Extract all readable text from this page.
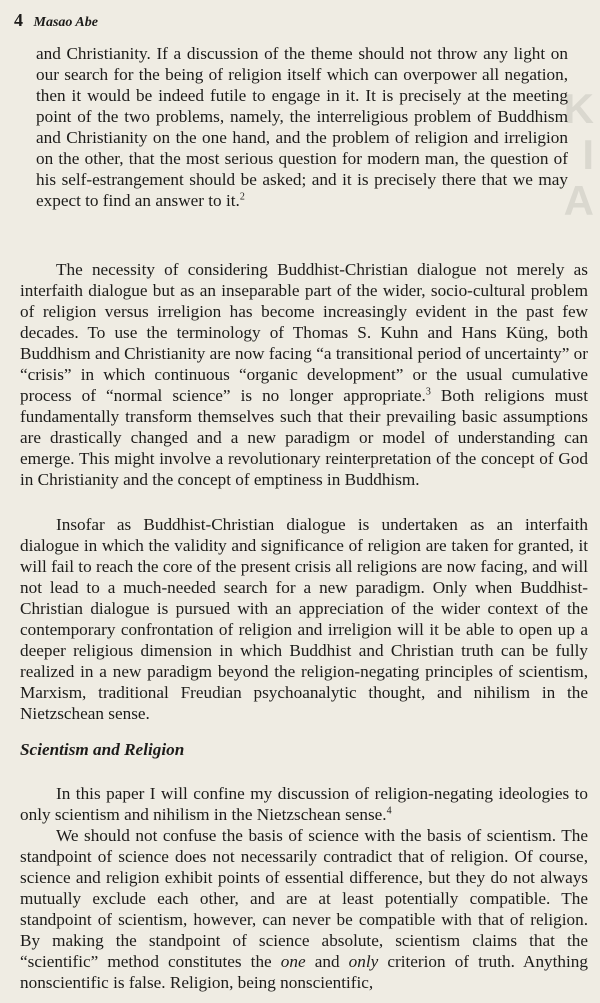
K
I
A
4 Masao Abe

and Christianity. If a discussion of the theme should not throw any light on our search for the being of religion itself which can overpower all negation, then it would be indeed futile to engage in it. It is precisely at the meeting point of the two problems, namely, the interreligious problem of Buddhism and Christianity on the one hand, and the problem of religion and irreligion on the other, that the most serious question for modern man, the question of his self-estrangement should be asked; and it is precisely there that we may expect to find an answer to it.$^2$

The necessity of considering Buddhist-Christian dialogue not merely as interfaith dialogue but as an inseparable part of the wider, socio-cultural problem of religion versus irreligion has become increasingly evident in the past few decades. To use the terminology of Thomas S. Kuhn and Hans Küng, both Buddhism and Christianity are now facing “a transitional period of uncertainty” or “crisis” in which continuous “organic development” or the usual cumulative process of “normal science” is no longer appropriate.$^3$ Both religions must fundamentally transform themselves such that their prevailing basic assumptions are drastically changed and a new paradigm or model of understanding can emerge. This might involve a revolutionary reinterpretation of the concept of God in Christianity and the concept of emptiness in Buddhism.

Insofar as Buddhist-Christian dialogue is undertaken as an interfaith dialogue in which the validity and significance of religion are taken for granted, it will fail to reach the core of the present crisis all religions are now facing, and will not lead to a much-needed search for a new paradigm. Only when Buddhist-Christian dialogue is pursued with an appreciation of the wider context of the contemporary confrontation of religion and irreligion will it be able to open up a deeper religious dimension in which Buddhist and Christian truth can be fully realized in a new paradigm beyond the religion-negating principles of scientism, Marxism, traditional Freudian psychoanalytic thought, and nihilism in the Nietzschean sense.

Scientism and Religion

In this paper I will confine my discussion of religion-negating ideologies to only scientism and nihilism in the Nietzschean sense.$^4$

We should not confuse the basis of science with the basis of scientism. The standpoint of science does not necessarily contradict that of religion. Of course, science and religion exhibit points of essential difference, but they do not always mutually exclude each other, and are at least potentially compatible. The standpoint of scientism, however, can never be compatible with that of religion. By making the standpoint of science absolute, scientism claims that the “scientific” method constitutes the one and only criterion of truth. Anything nonscientific is false. Religion, being nonscientific,
